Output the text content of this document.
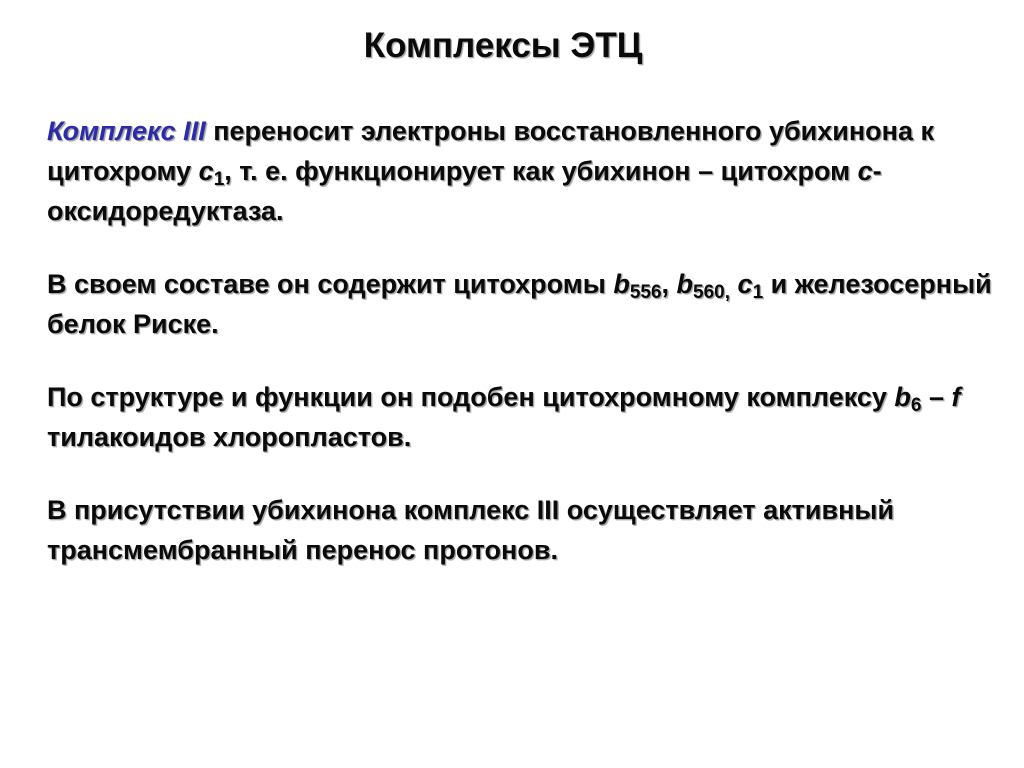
Комплексы ЭТЦ

Комплекс III переносит электроны восстановленного убихинона к цитохрому $c_1$, т. е. функционирует как убихинон – цитохром c-оксидоредуктаза.

В своем составе он содержит цитохромы $b_{556}$, $b_{560,}$ $c_1$ и железосерный белок Риске.

По структуре и функции он подобен цитохромному комплексу $b_6$ – f тилакоидов хлоропластов.

В присутствии убихинона комплекс III осуществляет активный трансмембранный перенос протонов.
